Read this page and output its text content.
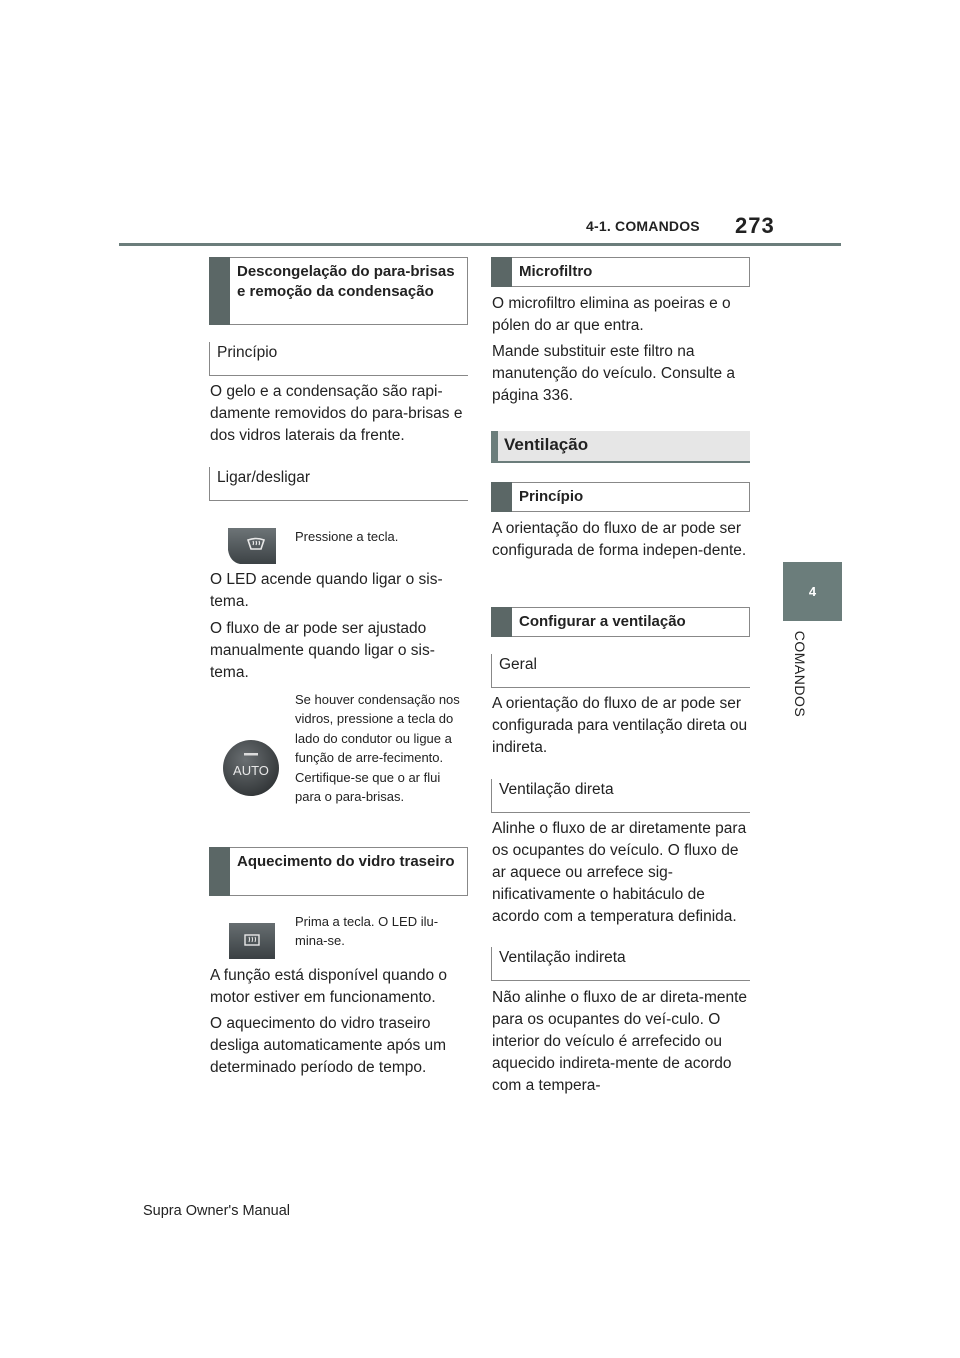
4-1. COMANDOS 273
4
COMANDOS
Descongelação do para-brisas e remoção da condensação
Princípio
O gelo e a condensação são rapi-damente removidos do para-brisas e dos vidros laterais da frente.
Ligar/desligar
Pressione a tecla.
O LED acende quando ligar o sis-tema.
O fluxo de ar pode ser ajustado manualmente quando ligar o sis-tema.
AUTO
Se houver condensação nos vidros, pressione a tecla do lado do condutor ou ligue a função de arre-fecimento. Certifique-se que o ar flui para o para-brisas.
Aquecimento do vidro traseiro
Prima a tecla. O LED ilu-mina-se.
A função está disponível quando o motor estiver em funcionamento.
O aquecimento do vidro traseiro desliga automaticamente após um determinado período de tempo.
Microfiltro
O microfiltro elimina as poeiras e o pólen do ar que entra.
Mande substituir este filtro na manutenção do veículo. Consulte a página 336.
Ventilação
Princípio
A orientação do fluxo de ar pode ser configurada de forma indepen-dente.
Configurar a ventilação
Geral
A orientação do fluxo de ar pode ser configurada para ventilação direta ou indireta.
Ventilação direta
Alinhe o fluxo de ar diretamente para os ocupantes do veículo. O fluxo de ar aquece ou arrefece sig-nificativamente o habitáculo de acordo com a temperatura definida.
Ventilação indireta
Não alinhe o fluxo de ar direta-mente para os ocupantes do veí-culo. O interior do veículo é arrefecido ou aquecido indireta-mente de acordo com a tempera-
Supra Owner's Manual
